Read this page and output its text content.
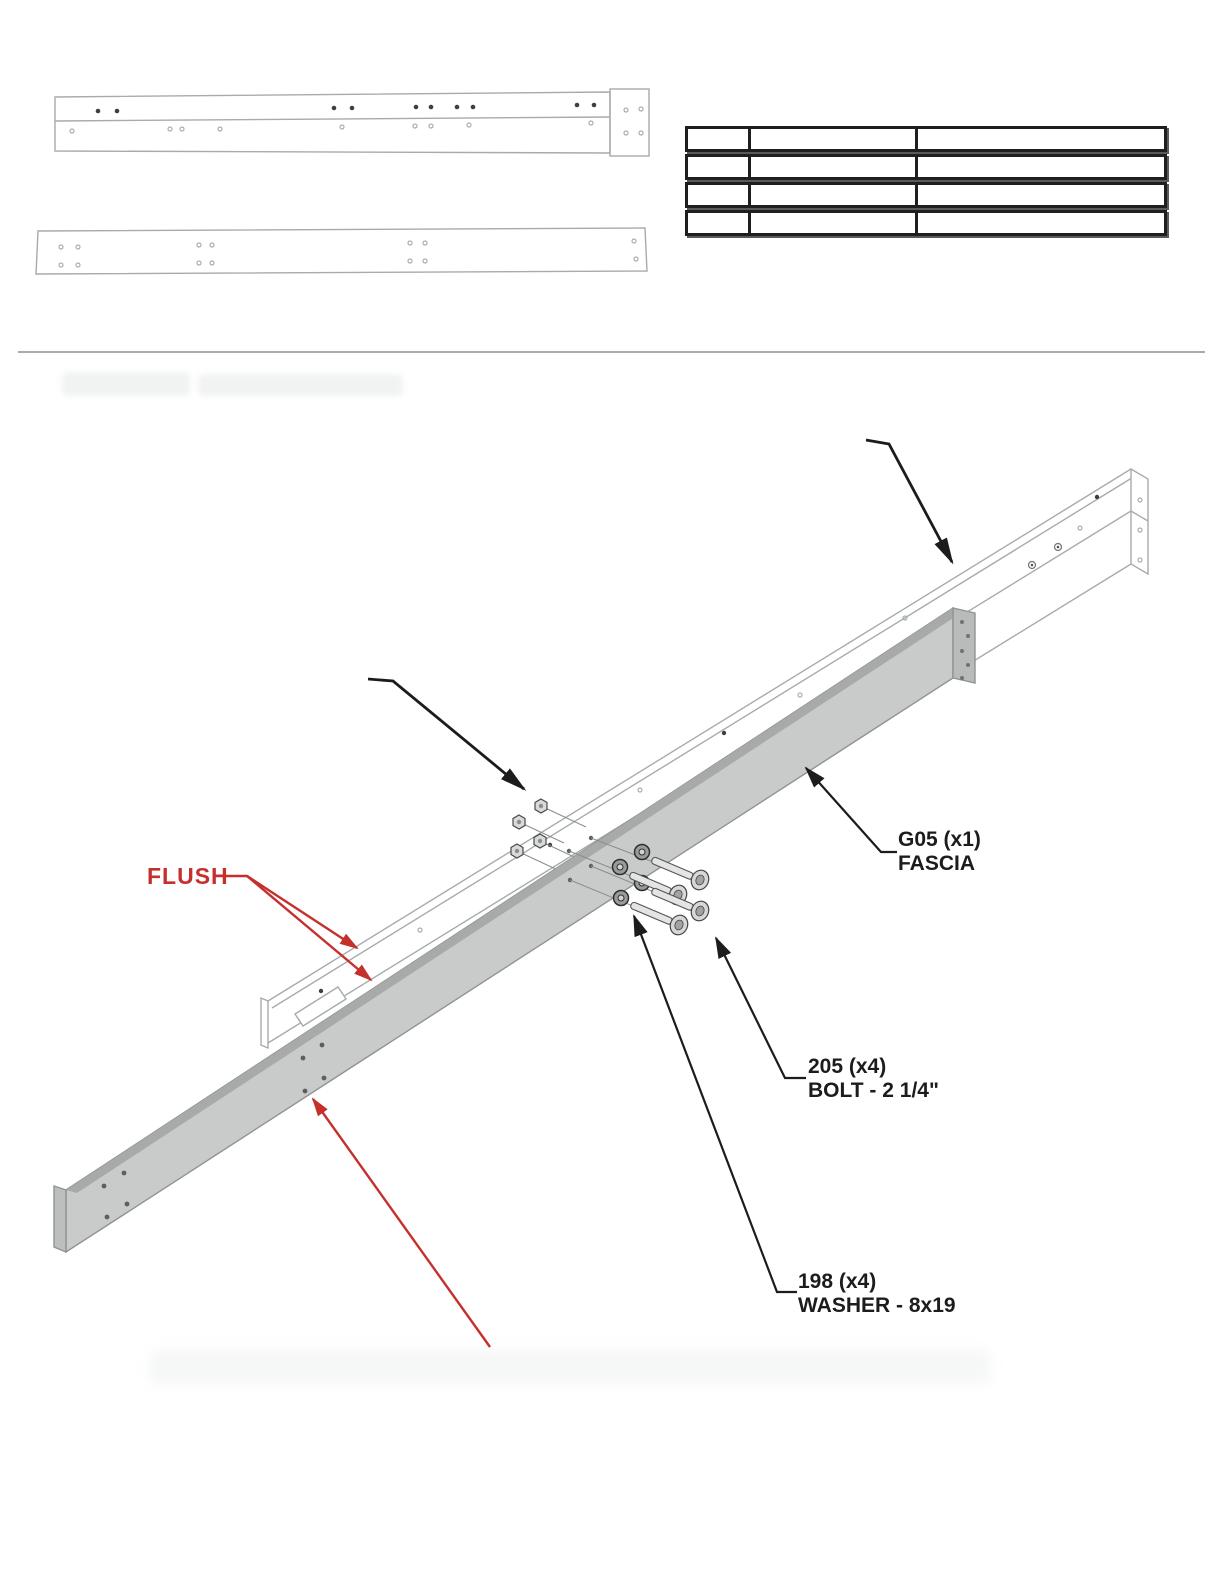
FLUSH
G05 (x1)
FASCIA
205 (x4)
BOLT - 2 1/4"
198 (x4)
WASHER - 8x19
